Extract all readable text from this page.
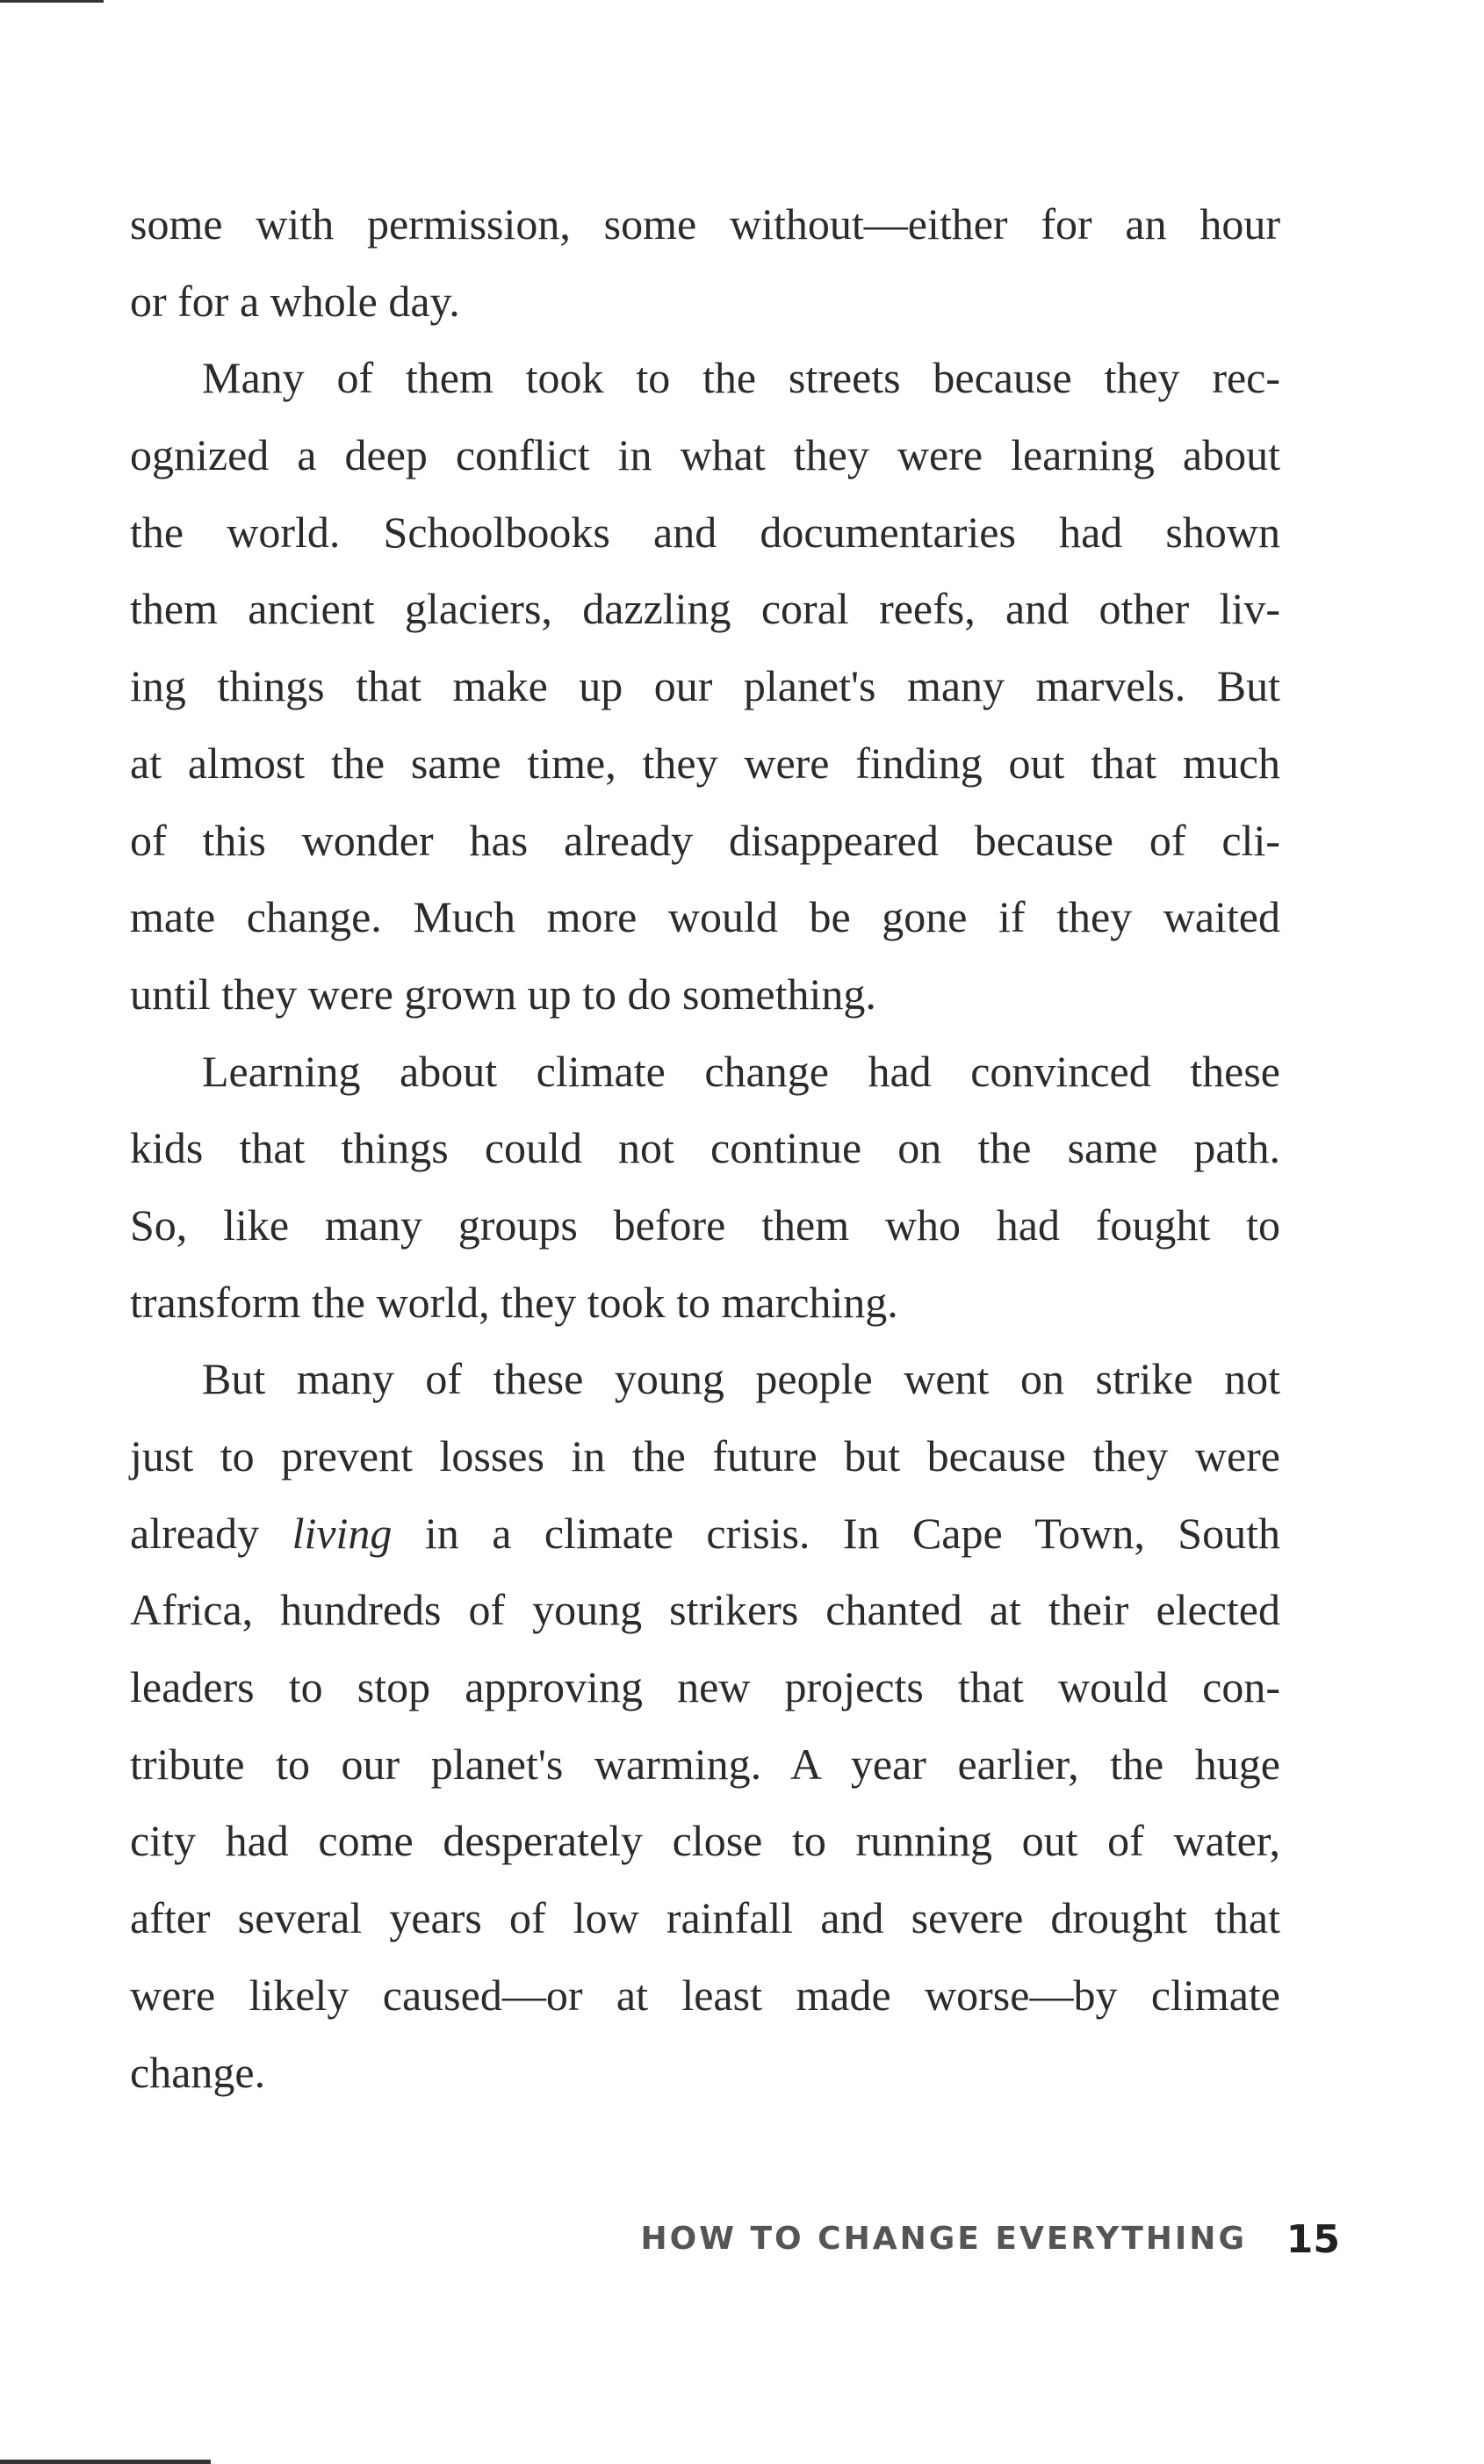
some with permission, some without—either for an hour
or for a whole day.
Many of them took to the streets because they rec-
ognized a deep conflict in what they were learning about
the world. Schoolbooks and documentaries had shown
them ancient glaciers, dazzling coral reefs, and other liv-
ing things that make up our planet's many marvels. But
at almost the same time, they were finding out that much
of this wonder has already disappeared because of cli-
mate change. Much more would be gone if they waited
until they were grown up to do something.
Learning about climate change had convinced these
kids that things could not continue on the same path.
So, like many groups before them who had fought to
transform the world, they took to marching.
But many of these young people went on strike not
just to prevent losses in the future but because they were
already living in a climate crisis. In Cape Town, South
Africa, hundreds of young strikers chanted at their elected
leaders to stop approving new projects that would con-
tribute to our planet's warming. A year earlier, the huge
city had come desperately close to running out of water,
after several years of low rainfall and severe drought that
were likely caused—or at least made worse—by climate
change.
HOW TO CHANGE EVERYTHING 15
